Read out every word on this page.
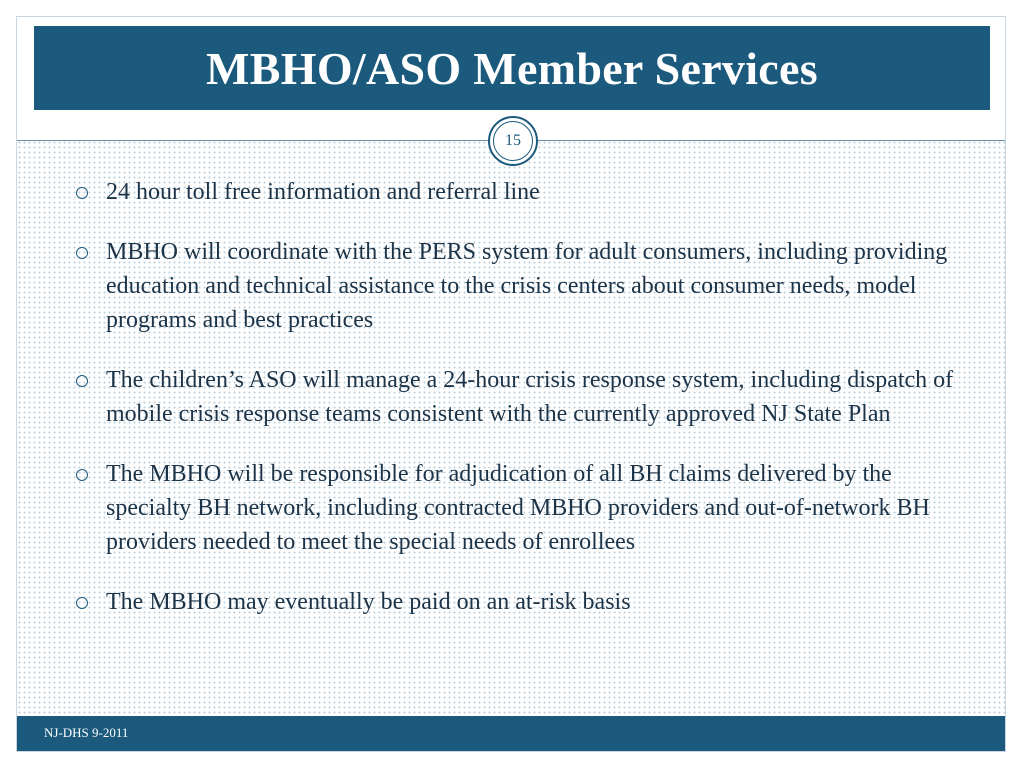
MBHO/ASO Member Services
15
24 hour toll free information and referral line
MBHO will coordinate with the PERS system for adult consumers, including providing education and technical assistance to the crisis centers about consumer needs, model programs and best practices
The children’s ASO will manage a 24-hour crisis response system, including dispatch of mobile crisis response teams consistent with the currently approved NJ State Plan
The MBHO will be responsible for adjudication of all BH claims delivered by the specialty BH network, including contracted MBHO providers and out-of-network BH providers needed to meet the special needs of enrollees
The MBHO may eventually be paid on an at-risk basis
NJ-DHS 9-2011
